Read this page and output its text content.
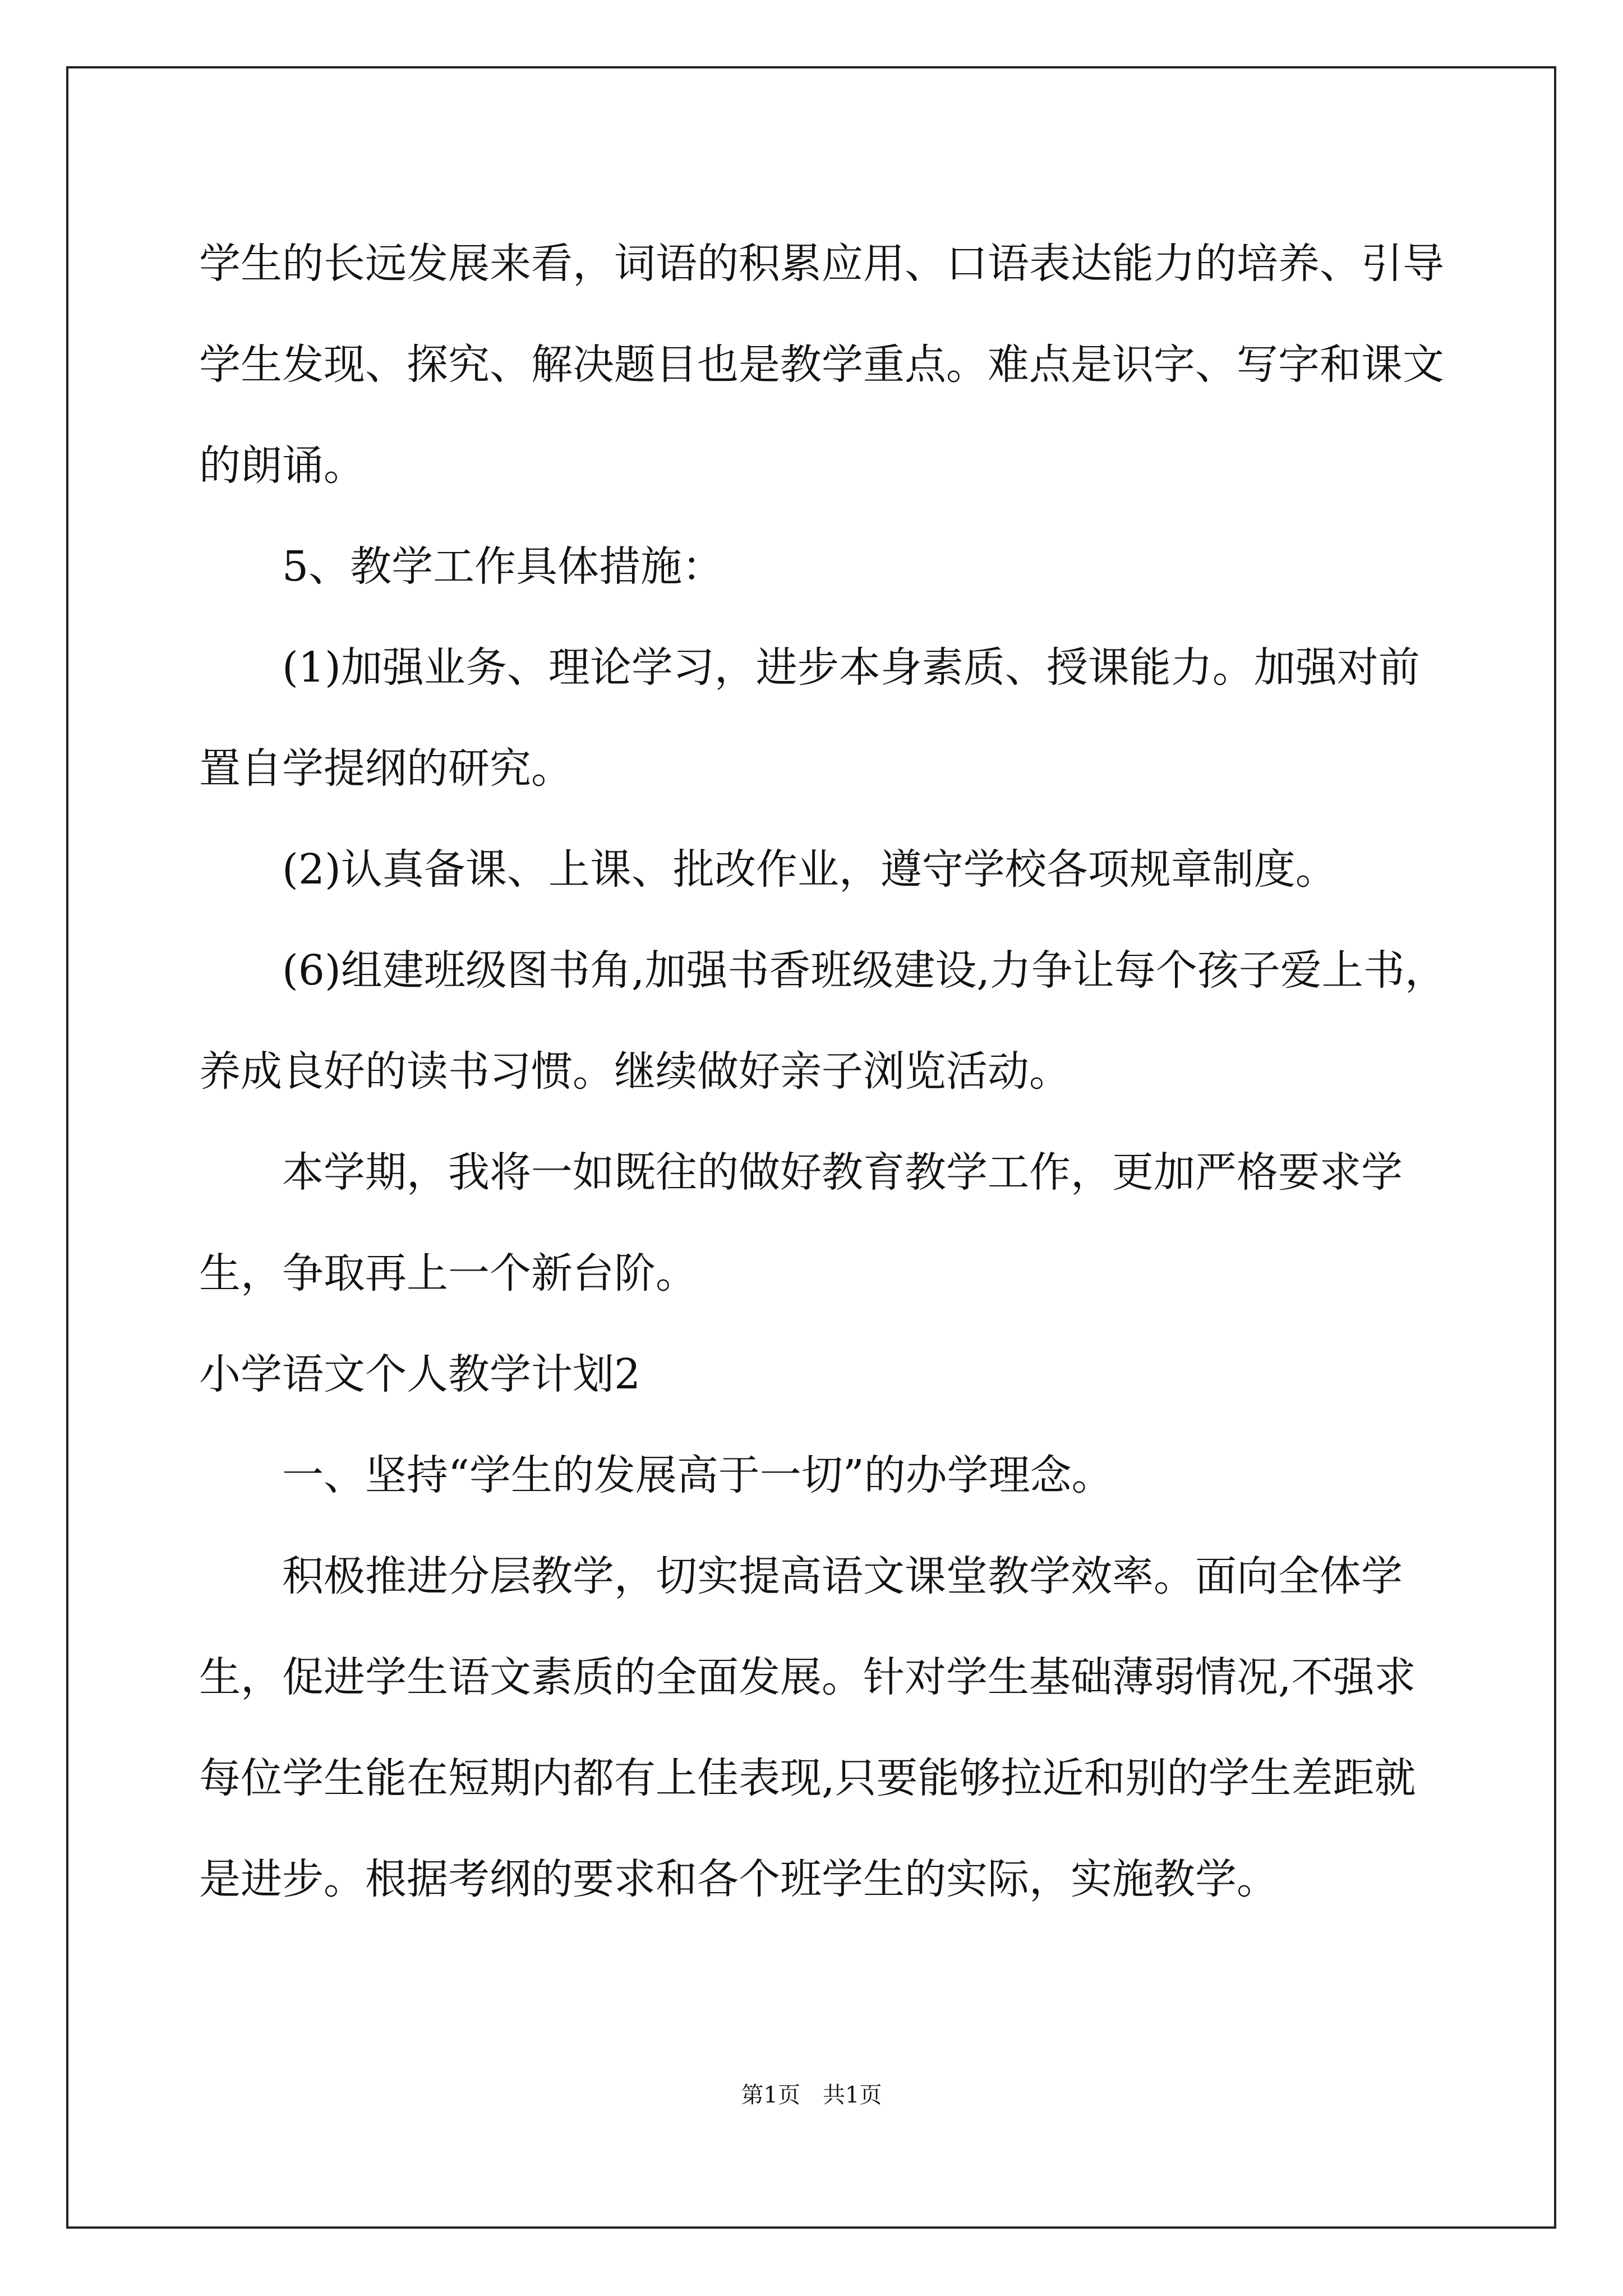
学生的长远发展来看，词语的积累应用、口语表达能力的培养、引导学生发现、探究、解决题目也是教学重点。难点是识字、写字和课文的朗诵。

5、教学工作具体措施：

(1)加强业务、理论学习，进步本身素质、授课能力。加强对前置自学提纲的研究。

(2)认真备课、上课、批改作业，遵守学校各项规章制度。

(6)组建班级图书角,加强书香班级建设,力争让每个孩子爱上书，养成良好的读书习惯。继续做好亲子浏览活动。

本学期，我将一如既往的做好教育教学工作，更加严格要求学生，争取再上一个新台阶。

小学语文个人教学计划2

一、坚持“学生的发展高于一切”的办学理念。

积极推进分层教学，切实提高语文课堂教学效率。面向全体学生，促进学生语文素质的全面发展。针对学生基础薄弱情况,不强求每位学生能在短期内都有上佳表现,只要能够拉近和别的学生差距就是进步。根据考纲的要求和各个班学生的实际，实施教学。

第1页　共1页
